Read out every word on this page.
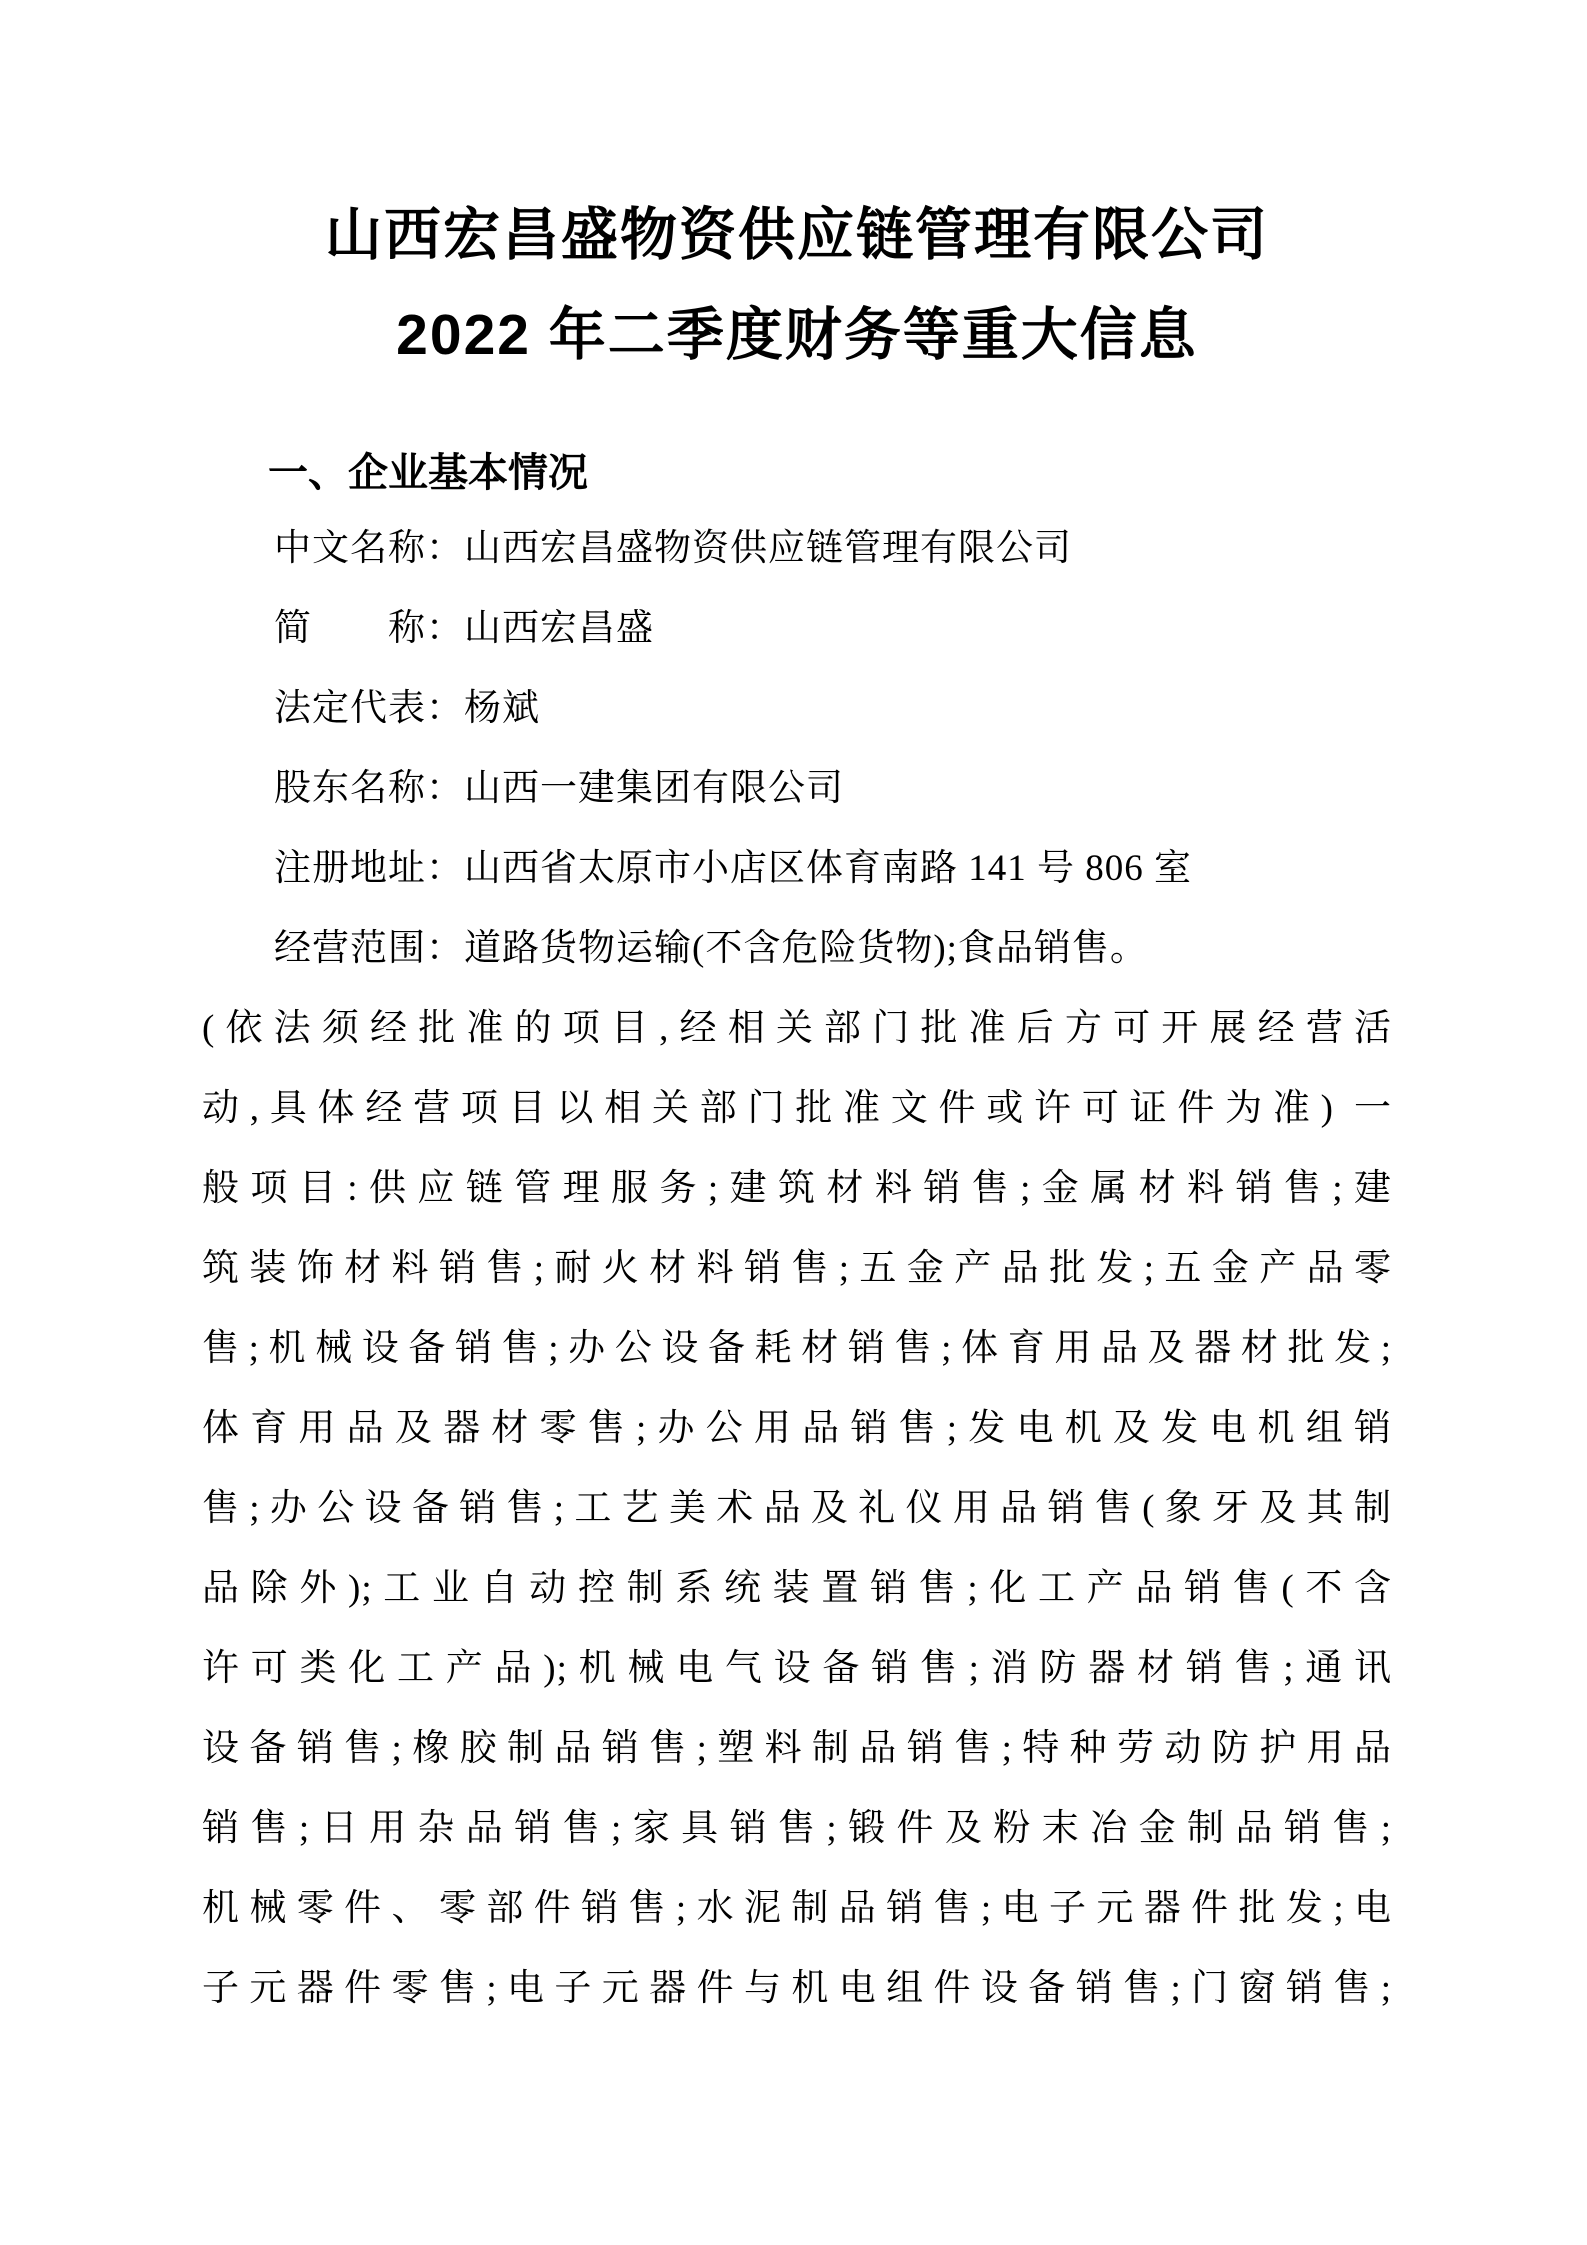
山西宏昌盛物资供应链管理有限公司
2022 年二季度财务等重大信息
一、企业基本情况
中文名称：山西宏昌盛物资供应链管理有限公司
简　　称：山西宏昌盛
法定代表：杨斌
股东名称：山西一建集团有限公司
注册地址：山西省太原市小店区体育南路 141 号 806 室
经营范围：道路货物运输(不含危险货物);食品销售。
(依法须经批准的项目,经相关部门批准后方可开展经营活
动,具体经营项目以相关部门批准文件或许可证件为准) 一
般项目:供应链管理服务;建筑材料销售;金属材料销售;建
筑装饰材料销售;耐火材料销售;五金产品批发;五金产品零
售;机械设备销售;办公设备耗材销售;体育用品及器材批发;
体育用品及器材零售;办公用品销售;发电机及发电机组销
售;办公设备销售;工艺美术品及礼仪用品销售(象牙及其制
品除外);工业自动控制系统装置销售;化工产品销售(不含
许可类化工产品);机械电气设备销售;消防器材销售;通讯
设备销售;橡胶制品销售;塑料制品销售;特种劳动防护用品
销售;日用杂品销售;家具销售;锻件及粉末冶金制品销售;
机械零件、零部件销售;水泥制品销售;电子元器件批发;电
子元器件零售;电子元器件与机电组件设备销售;门窗销售;
